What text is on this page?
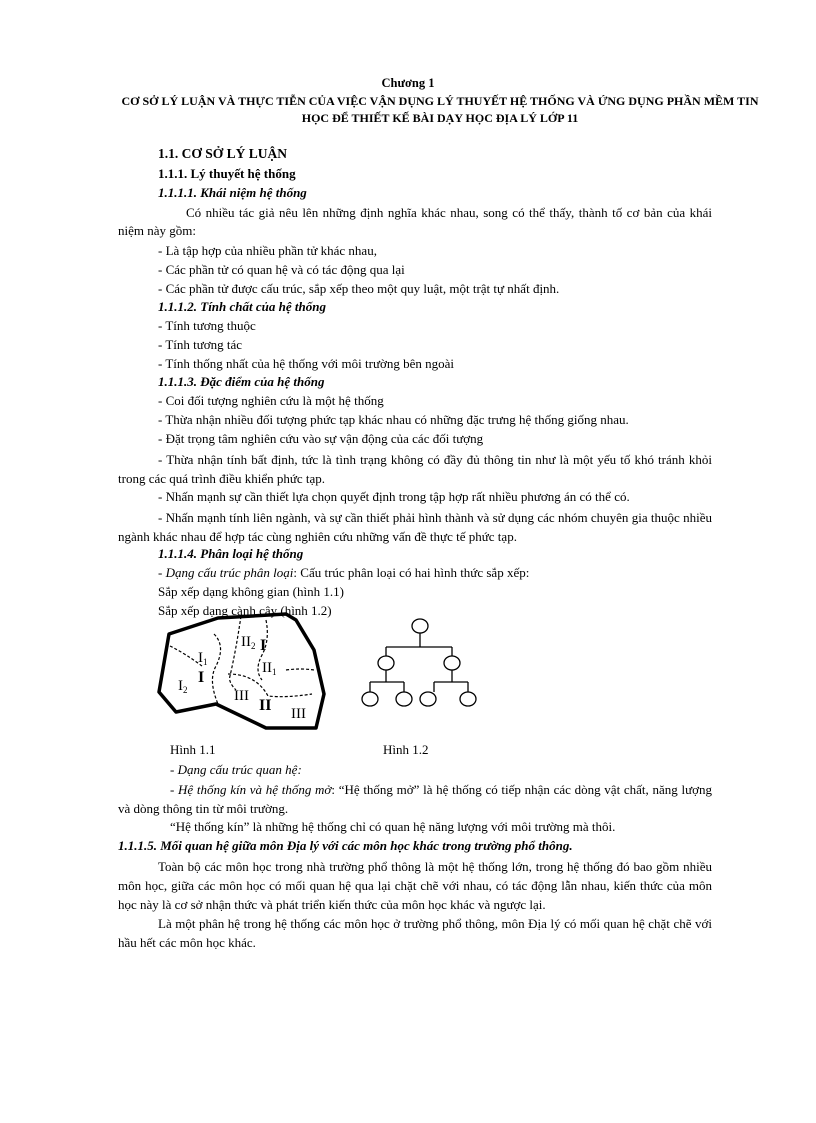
Chương 1
CƠ SỞ LÝ LUẬN VÀ THỰC TIỄN CỦA VIỆC VẬN DỤNG LÝ THUYẾT HỆ THỐNG VÀ ỨNG DỤNG PHẦN MỀM TIN HỌC ĐỂ THIẾT KẾ BÀI DẠY HỌC ĐỊA LÝ LỚP 11
1.1. CƠ SỞ LÝ LUẬN
1.1.1. Lý thuyết hệ thống
1.1.1.1. Khái niệm hệ thống
Có nhiều tác giả nêu lên những định nghĩa khác nhau, song có thể thấy, thành tố cơ bản của khái niệm này gồm:
- Là tập hợp của nhiều phần tử khác nhau,
- Các phần tử có quan hệ và có tác động qua lại
- Các phần tử được cấu trúc, sắp xếp theo một quy luật, một trật tự nhất định.
1.1.1.2. Tính chất của hệ thống
- Tính tương thuộc
- Tính tương tác
- Tính thống nhất của hệ thống với môi trường bên ngoài
1.1.1.3. Đặc điểm của hệ thống
- Coi đối tượng nghiên cứu là một hệ thống
- Thừa nhận nhiều đối tượng phức tạp khác nhau có những đặc trưng hệ thống giống nhau.
- Đặt trọng tâm nghiên cứu vào sự vận động của các đối tượng
- Thừa nhận tính bất định, tức là tình trạng không có đầy đủ thông tin như là một yếu tố khó tránh khỏi trong các quá trình điều khiển phức tạp.
- Nhấn mạnh sự cần thiết lựa chọn quyết định trong tập hợp rất nhiều phương án có thể có.
- Nhấn mạnh tính liên ngành, và sự cần thiết phải hình thành và sử dụng các nhóm chuyên gia thuộc nhiều ngành khác nhau để hợp tác cùng nghiên cứu những vấn đề thực tế phức tạp.
1.1.1.4. Phân loại hệ thống
- Dạng cấu trúc phân loại: Cấu trúc phân loại có hai hình thức sắp xếp:
Sắp xếp dạng không gian (hình 1.1)
Sắp xếp dạng cành cây (hình 1.2)
$I_1$
$I_2$
$II_2$
$II_1$
III
III
II
I
I
Hình 1.1	Hình 1.2
- Dạng cấu trúc quan hệ:
- Hệ thống kín và hệ thống mở: “Hệ thống mở” là hệ thống có tiếp nhận các dòng vật chất, năng lượng và dòng thông tin từ môi trường.
“Hệ thống kín” là những hệ thống chỉ có quan hệ năng lượng với môi trường mà thôi.
1.1.1.5. Mối quan hệ giữa môn Địa lý với các môn học khác trong trường phổ thông.
Toàn bộ các môn học trong nhà trường phổ thông là một hệ thống lớn, trong hệ thống đó bao gồm nhiều môn học, giữa các môn học có mối quan hệ qua lại chặt chẽ với nhau, có tác động lẫn nhau, kiến thức của môn học này là cơ sở nhận thức và phát triển kiến thức của môn học khác và ngược lại.
Là một phân hệ trong hệ thống các môn học ở trường phổ thông, môn Địa lý có mối quan hệ chặt chẽ với hầu hết các môn học khác.
